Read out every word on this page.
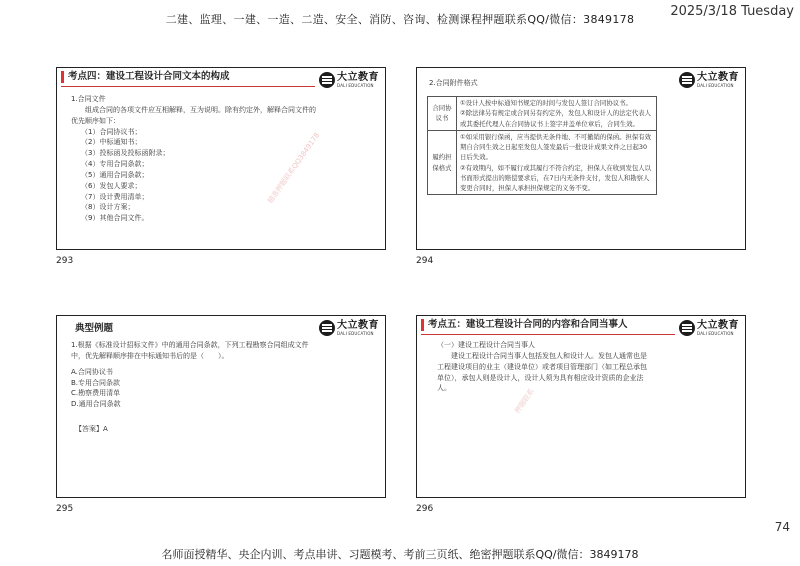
二建、监理、一建、一造、二造、安全、消防、咨询、检测课程押题联系QQ/微信：3849178
2025/3/18 Tuesday
考点四：建设工程设计合同文本的构成	大立教育
DALI EDUCATION
1.合同文件
组成合同的各项文件应互相解释，互为说明。除有约定外，解释合同文件的优先顺序如下：
（1）合同协议书；
（2）中标通知书；
（3）投标函及投标函附录；
（4）专用合同条款；
（5）通用合同条款；
（6）发包人要求；
（7）设计费用清单；
（8）设计方案；
（9）其他合同文件。
精准押题联系QQ3849178
293
大立教育
DALI EDUCATION
2.合同附件格式
合同协议书	①设计人按中标通知书规定的时间与发包人签订合同协议书。
②除法律另有规定或合同另有约定外，发包人和设计人的法定代表人或其委托代理人在合同协议书上签字并盖单位章后，合同生效。

履约担保格式	①如采用银行保函，应当提供无条件地、不可撤销的保函。担保有效期自合同生效之日起至发包人签发最后一批设计成果文件之日起30日后失效。
②有效期内，如不履行或其履行不符合约定，担保人在收到发包人以书面形式提出的赔偿要求后，在7日内无条件支付，发包人和勘察人变更合同时，担保人承担担保规定的义务不变。
294
典型例题	大立教育
DALI EDUCATION
1.根据《标准设计招标文件》中的通用合同条款，下列工程勘察合同组成文件中，优先解释顺序排在中标通知书后的是（　　）。
A.合同协议书
B.专用合同条款
C.勘察费用清单
D.通用合同条款
【答案】A
295
考点五：建设工程设计合同的内容和合同当事人	大立教育
DALI EDUCATION
（一）建设工程设计合同当事人
建设工程设计合同当事人包括发包人和设计人。发包人通常也是工程建设项目的业主（建设单位）或者项目管理部门（如工程总承包单位），承包人则是设计人，设计人须为具有相应设计资质的企业法人。	押题联系
296
74
名师面授精华、央企内训、考点串讲、习题模考、考前三页纸、绝密押题联系QQ/微信：3849178
